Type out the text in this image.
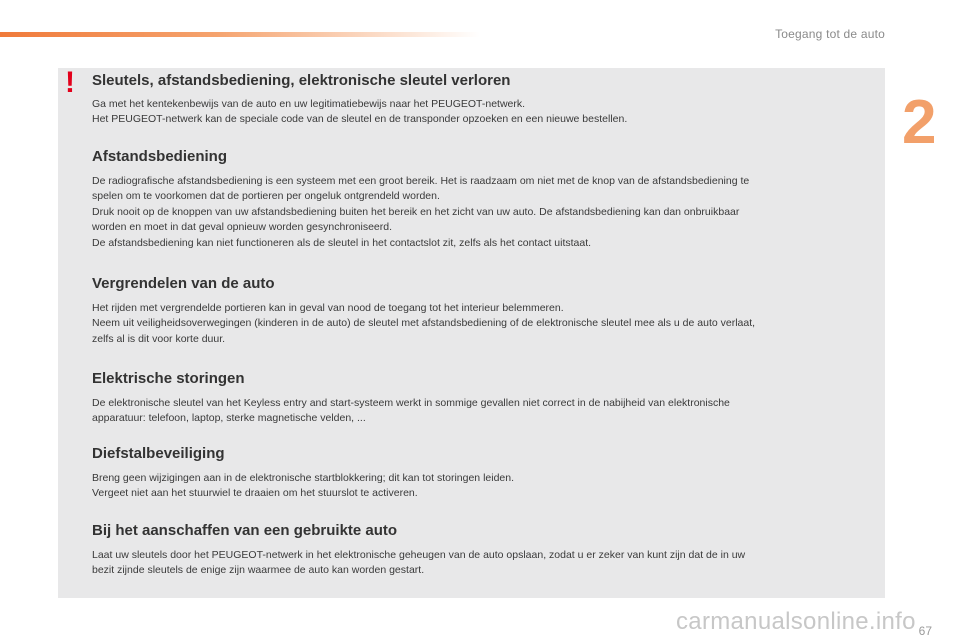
Toegang tot de auto
2
! Sleutels, afstandsbediening, elektronische sleutel verloren

Ga met het kentekenbewijs van de auto en uw legitimatiebewijs naar het PEUGEOT-netwerk.
Het PEUGEOT-netwerk kan de speciale code van de sleutel en de transponder opzoeken en een nieuwe bestellen.

Afstandsbediening

De radiografische afstandsbediening is een systeem met een groot bereik. Het is raadzaam om niet met de knop van de afstandsbediening te
spelen om te voorkomen dat de portieren per ongeluk ontgrendeld worden.
Druk nooit op de knoppen van uw afstandsbediening buiten het bereik en het zicht van uw auto. De afstandsbediening kan dan onbruikbaar
worden en moet in dat geval opnieuw worden gesynchroniseerd.
De afstandsbediening kan niet functioneren als de sleutel in het contactslot zit, zelfs als het contact uitstaat.

Vergrendelen van de auto

Het rijden met vergrendelde portieren kan in geval van nood de toegang tot het interieur belemmeren.
Neem uit veiligheidsoverwegingen (kinderen in de auto) de sleutel met afstandsbediening of de elektronische sleutel mee als u de auto verlaat,
zelfs al is dit voor korte duur.

Elektrische storingen

De elektronische sleutel van het Keyless entry and start-systeem werkt in sommige gevallen niet correct in de nabijheid van elektronische
apparatuur: telefoon, laptop, sterke magnetische velden, ...

Diefstalbeveiliging

Breng geen wijzigingen aan in de elektronische startblokkering; dit kan tot storingen leiden.
Vergeet niet aan het stuurwiel te draaien om het stuurslot te activeren.

Bij het aanschaffen van een gebruikte auto

Laat uw sleutels door het PEUGEOT-netwerk in het elektronische geheugen van de auto opslaan, zodat u er zeker van kunt zijn dat de in uw
bezit zijnde sleutels de enige zijn waarmee de auto kan worden gestart.

carmanualsonline.info 67
